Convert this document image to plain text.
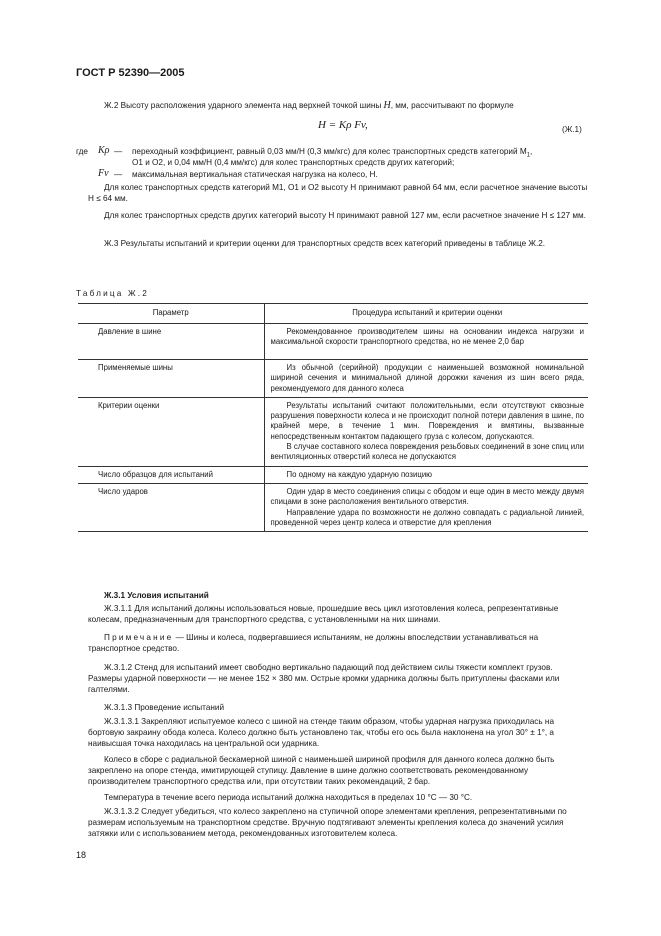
ГОСТ Р 52390—2005
Ж.2 Высоту расположения ударного элемента над верхней точкой шины H, мм, рассчитывают по формуле
H = Kρ Fv,	(Ж.1)
где	Kρ — переходный коэффициент, равный 0,03 мм/Н (0,3 мм/кгс) для колес транспортных средств категорий $M_1$,
O1 и O2, и 0,04 мм/Н (0,4 мм/кгс) для колес транспортных средств других категорий;
Fv — максимальная вертикальная статическая нагрузка на колесо, Н.
Для колес транспортных средств категорий M1, O1 и O2 высоту H принимают равной 64 мм, если расчетное значение высоты H ≤ 64 мм.
Для колес транспортных средств других категорий высоту H принимают равной 127 мм, если расчетное значение H ≤ 127 мм.
Ж.3 Результаты испытаний и критерии оценки для транспортных средств всех категорий приведены в таблице Ж.2.
Таблица Ж.2
Параметр	Процедура испытаний и критерии оценки
Давление в шине	Рекомендованное производителем шины на основании индекса нагрузки и максимальной скорости транспортного средства, но не менее 2,0 бар

Применяемые шины	Из обычной (серийной) продукции с наименьшей возможной номинальной шириной сечения и минимальной длиной дорожки качения из шин всего ряда, рекомендуемого для данного колеса

Критерии оценки	Результаты испытаний считают положительными, если отсутствуют сквозные разрушения поверхности колеса и не происходит полной потери давления в шине, по крайней мере, в течение 1 мин. Повреждения и вмятины, вызванные непосредственным контактом падающего груза с колесом, допускаются.
В случае составного колеса повреждения резьбовых соединений в зоне спиц или вентиляционных отверстий колеса не допускаются

Число образцов для испытаний	По одному на каждую ударную позицию

Число ударов	Один удар в место соединения спицы с ободом и еще один в место между двумя спицами в зоне расположения вентильного отверстия.
Направление удара по возможности не должно совпадать с радиальной линией, проведенной через центр колеса и отверстие для крепления
Ж.3.1 Условия испытаний
Ж.3.1.1 Для испытаний должны использоваться новые, прошедшие весь цикл изготовления колеса, репрезентативные колесам, предназначенным для транспортного средства, с установленными на них шинами.
Примечание — Шины и колеса, подвергавшиеся испытаниям, не должны впоследствии устанавливаться на транспортное средство.
Ж.3.1.2 Стенд для испытаний имеет свободно вертикально падающий под действием силы тяжести комплект грузов. Размеры ударной поверхности — не менее 152 × 380 мм. Острые кромки ударника должны быть притуплены фасками или галтелями.
Ж.3.1.3 Проведение испытаний
Ж.3.1.3.1 Закрепляют испытуемое колесо с шиной на стенде таким образом, чтобы ударная нагрузка приходилась на бортовую закраину обода колеса. Колесо должно быть установлено так, чтобы его ось была наклонена на угол 30° ± 1°, а наивысшая точка находилась на центральной оси ударника.
Колесо в сборе с радиальной бескамерной шиной с наименьшей шириной профиля для данного колеса должно быть закреплено на опоре стенда, имитирующей ступицу. Давление в шине должно соответствовать рекомендованному производителем транспортного средства или, при отсутствии таких рекомендаций, 2 бар.
Температура в течение всего периода испытаний должна находиться в пределах 10 °С — 30 °С.
Ж.3.1.3.2 Следует убедиться, что колесо закреплено на ступичной опоре элементами крепления, репрезентативными по размерам используемым на транспортном средстве. Вручную подтягивают элементы крепления колеса до значений усилия затяжки или с использованием метода, рекомендованных изготовителем колеса.
18
